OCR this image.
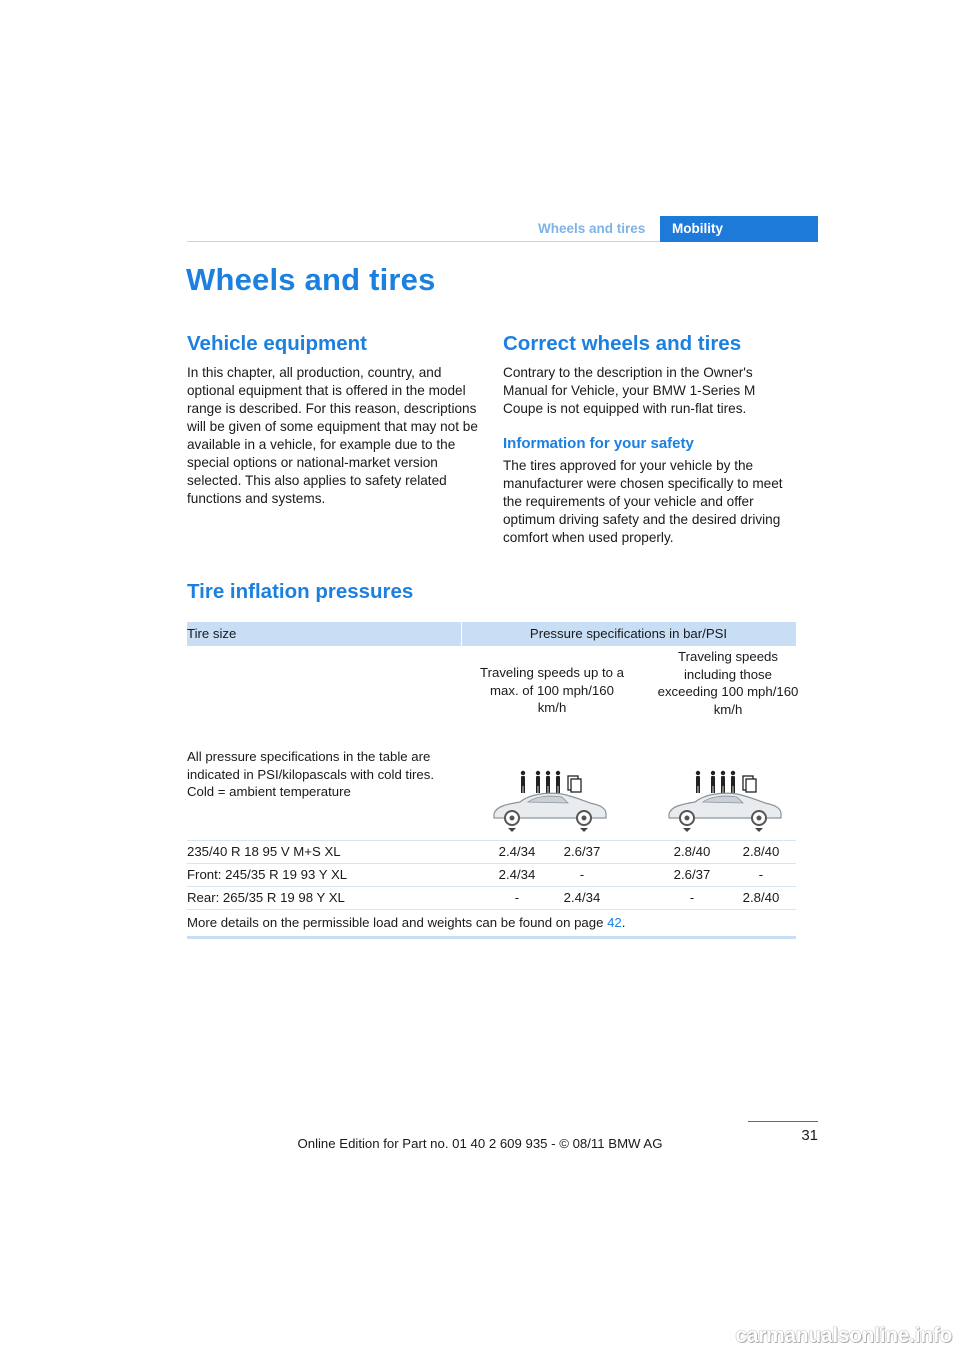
Wheels and tires	Mobility
Wheels and tires
Vehicle equipment

In this chapter, all production, country, and optional equipment that is offered in the model range is described. For this reason, descriptions will be given of some equipment that may not be available in a vehicle, for example due to the special options or national-market version selected. This also applies to safety related functions and systems.

Correct wheels and tires

Contrary to the description in the Owner's Manual for Vehicle, your BMW 1-Series M Coupe is not equipped with run-flat tires.

Information for your safety

The tires approved for your vehicle by the manufacturer were chosen specifically to meet the requirements of your vehicle and offer optimum driving safety and the desired driving comfort when used properly.

Tire inflation pressures
Tire size	Pressure specifications in bar/PSI
Traveling speeds up to a max. of 100 mph/160 km/h
Traveling speeds including those exceeding 100 mph/160 km/h
All pressure specifications in the table are indicated in PSI/kilopascals with cold tires. Cold = ambient temperature
235/40 R 18 95 V M+S XL	2.4/34	2.6/37	2.8/40	2.8/40
Front: 245/35 R 19 93 Y XL	2.4/34	-	2.6/37	-
Rear: 265/35 R 19 98 Y XL	-	2.4/34	-	2.8/40
More details on the permissible load and weights can be found on page 42.
31
Online Edition for Part no. 01 40 2 609 935 - © 08/11 BMW AG
carmanualsonline.info
